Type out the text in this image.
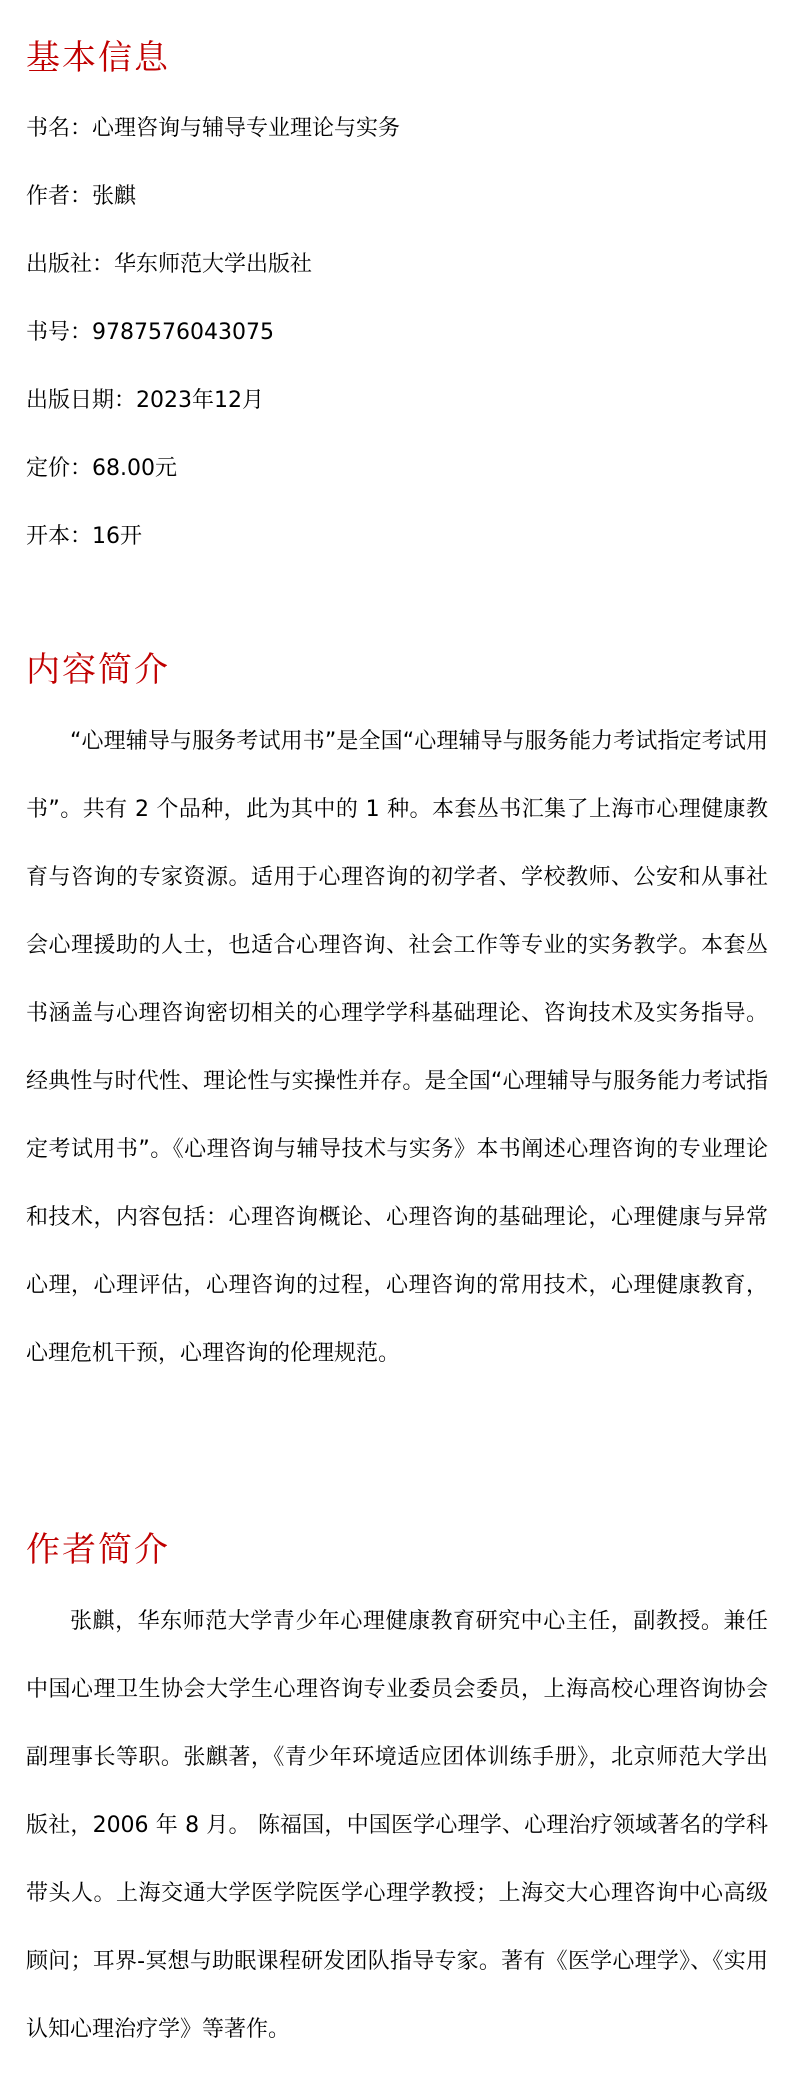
基本信息
书名：心理咨询与辅导专业理论与实务
作者：张麒
出版社：华东师范大学出版社
书号：9787576043075
出版日期：2023年12月
定价：68.00元
开本：16开
内容简介

“心理辅导与服务考试用书”是全国“心理辅导与服务能力考试指定考试用书”。共有 2 个品种，此为其中的 1 种。本套丛书汇集了上海市心理健康教育与咨询的专家资源。适用于心理咨询的初学者、学校教师、公安和从事社会心理援助的人士，也适合心理咨询、社会工作等专业的实务教学。本套丛书涵盖与心理咨询密切相关的心理学学科基础理论、咨询技术及实务指导。经典性与时代性、理论性与实操性并存。是全国“心理辅导与服务能力考试指定考试用书”。《心理咨询与辅导技术与实务》本书阐述心理咨询的专业理论和技术，内容包括：心理咨询概论、心理咨询的基础理论，心理健康与异常心理，心理评估，心理咨询的过程，心理咨询的常用技术，心理健康教育，心理危机干预，心理咨询的伦理规范。

作者简介

张麒，华东师范大学青少年心理健康教育研究中心主任，副教授。兼任中国心理卫生协会大学生心理咨询专业委员会委员，上海高校心理咨询协会副理事长等职。张麒著，《青少年环境适应团体训练手册》，北京师范大学出版社，2006 年 8 月。 陈福国，中国医学心理学、心理治疗领域著名的学科带头人。上海交通大学医学院医学心理学教授；上海交大心理咨询中心高级顾问；耳界-冥想与助眠课程研发团队指导专家。著有《医学心理学》、《实用认知心理治疗学》等著作。
